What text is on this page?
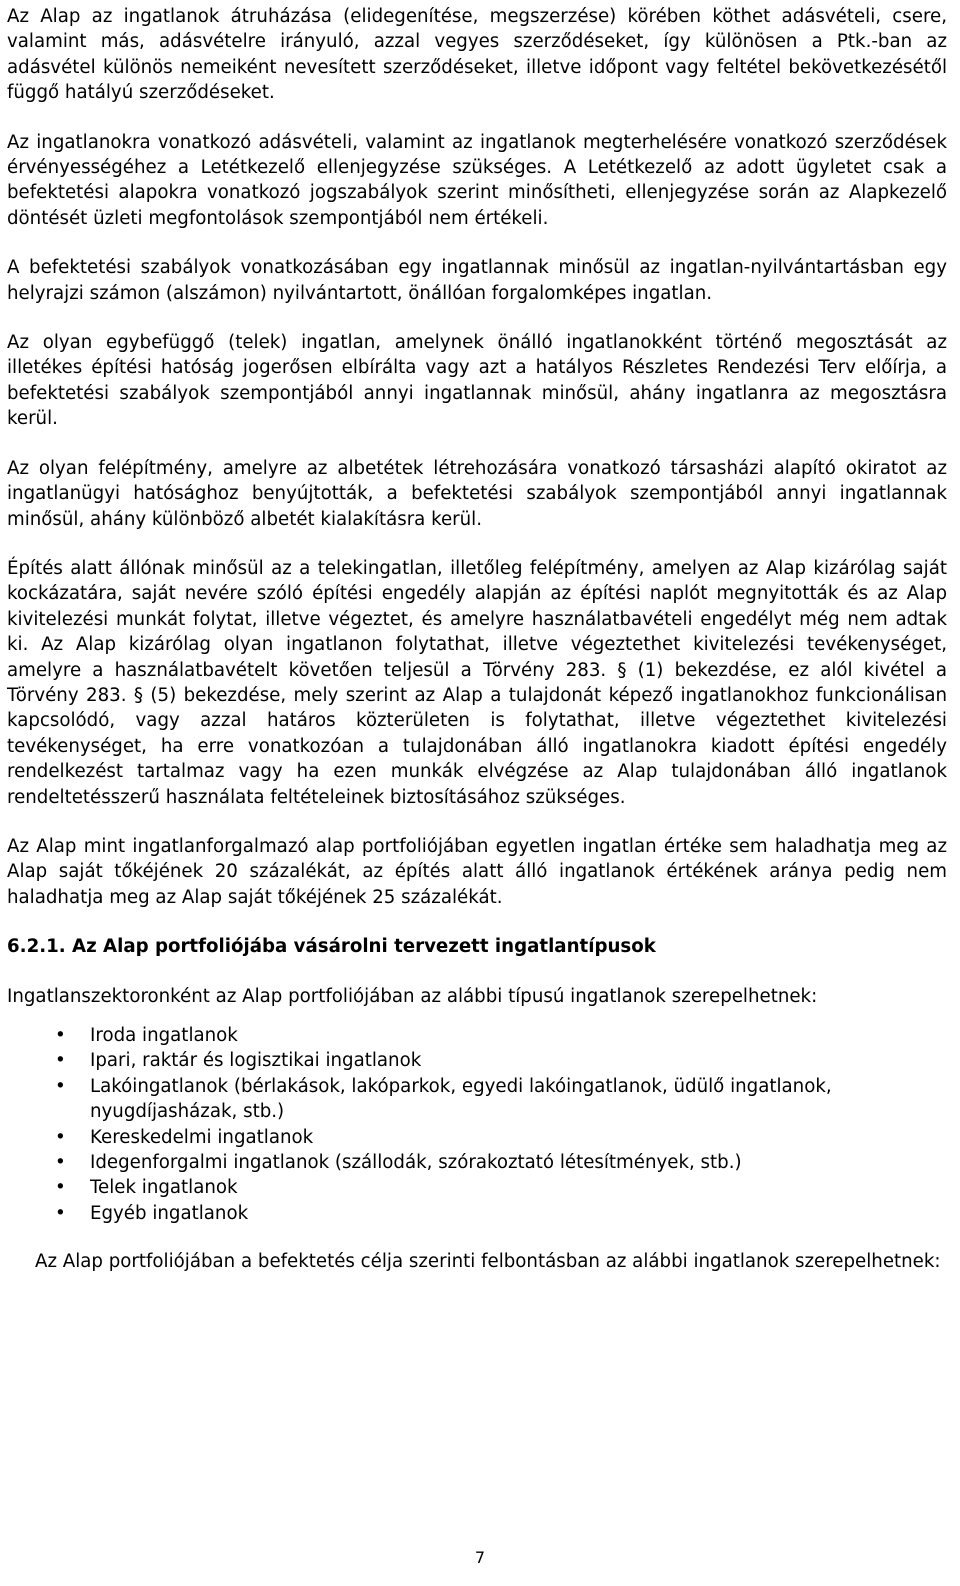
Az Alap az ingatlanok átruházása (elidegenítése, megszerzése) körében köthet adásvételi, csere, valamint más, adásvételre irányuló, azzal vegyes szerződéseket, így különösen a Ptk.-ban az adásvétel különös nemeiként nevesített szerződéseket, illetve időpont vagy feltétel bekövetkezésétől függő hatályú szerződéseket.

Az ingatlanokra vonatkozó adásvételi, valamint az ingatlanok megterhelésére vonatkozó szerződések érvényességéhez a Letétkezelő ellenjegyzése szükséges. A Letétkezelő az adott ügyletet csak a befektetési alapokra vonatkozó jogszabályok szerint minősítheti, ellenjegyzése során az Alapkezelő döntését üzleti megfontolások szempontjából nem értékeli.

A befektetési szabályok vonatkozásában egy ingatlannak minősül az ingatlan-nyilvántartásban egy helyrajzi számon (alszámon) nyilvántartott, önállóan forgalomképes ingatlan.

Az olyan egybefüggő (telek) ingatlan, amelynek önálló ingatlanokként történő megosztását az illetékes építési hatóság jogerősen elbírálta vagy azt a hatályos Részletes Rendezési Terv előírja, a befektetési szabályok szempontjából annyi ingatlannak minősül, ahány ingatlanra az megosztásra kerül.

Az olyan felépítmény, amelyre az albetétek létrehozására vonatkozó társasházi alapító okiratot az ingatlanügyi hatósághoz benyújtották, a befektetési szabályok szempontjából annyi ingatlannak minősül, ahány különböző albetét kialakításra kerül.

Építés alatt állónak minősül az a telekingatlan, illetőleg felépítmény, amelyen az Alap kizárólag saját kockázatára, saját nevére szóló építési engedély alapján az építési naplót megnyitották és az Alap kivitelezési munkát folytat, illetve végeztet, és amelyre használatbavételi engedélyt még nem adtak ki. Az Alap kizárólag olyan ingatlanon folytathat, illetve végeztethet kivitelezési tevékenységet, amelyre a használatbavételt követően teljesül a Törvény 283. § (1) bekezdése, ez alól kivétel a Törvény 283. § (5) bekezdése, mely szerint az Alap a tulajdonát képező ingatlanokhoz funkcionálisan kapcsolódó, vagy azzal határos közterületen is folytathat, illetve végeztethet kivitelezési tevékenységet, ha erre vonatkozóan a tulajdonában álló ingatlanokra kiadott építési engedély rendelkezést tartalmaz vagy ha ezen munkák elvégzése az Alap tulajdonában álló ingatlanok rendeltetésszerű használata feltételeinek biztosításához szükséges.

Az Alap mint ingatlanforgalmazó alap portfoliójában egyetlen ingatlan értéke sem haladhatja meg az Alap saját tőkéjének 20 százalékát, az építés alatt álló ingatlanok értékének aránya pedig nem haladhatja meg az Alap saját tőkéjének 25 százalékát.

6.2.1. Az Alap portfoliójába vásárolni tervezett ingatlantípusok

Ingatlanszektoronként az Alap portfoliójában az alábbi típusú ingatlanok szerepelhetnek:

• Iroda ingatlanok
• Ipari, raktár és logisztikai ingatlanok
• Lakóingatlanok (bérlakások, lakóparkok, egyedi lakóingatlanok, üdülő ingatlanok, nyugdíjasházak, stb.)
• Kereskedelmi ingatlanok
• Idegenforgalmi ingatlanok (szállodák, szórakoztató létesítmények, stb.)
• Telek ingatlanok
• Egyéb ingatlanok

Az Alap portfoliójában a befektetés célja szerinti felbontásban az alábbi ingatlanok szerepelhetnek:

7
